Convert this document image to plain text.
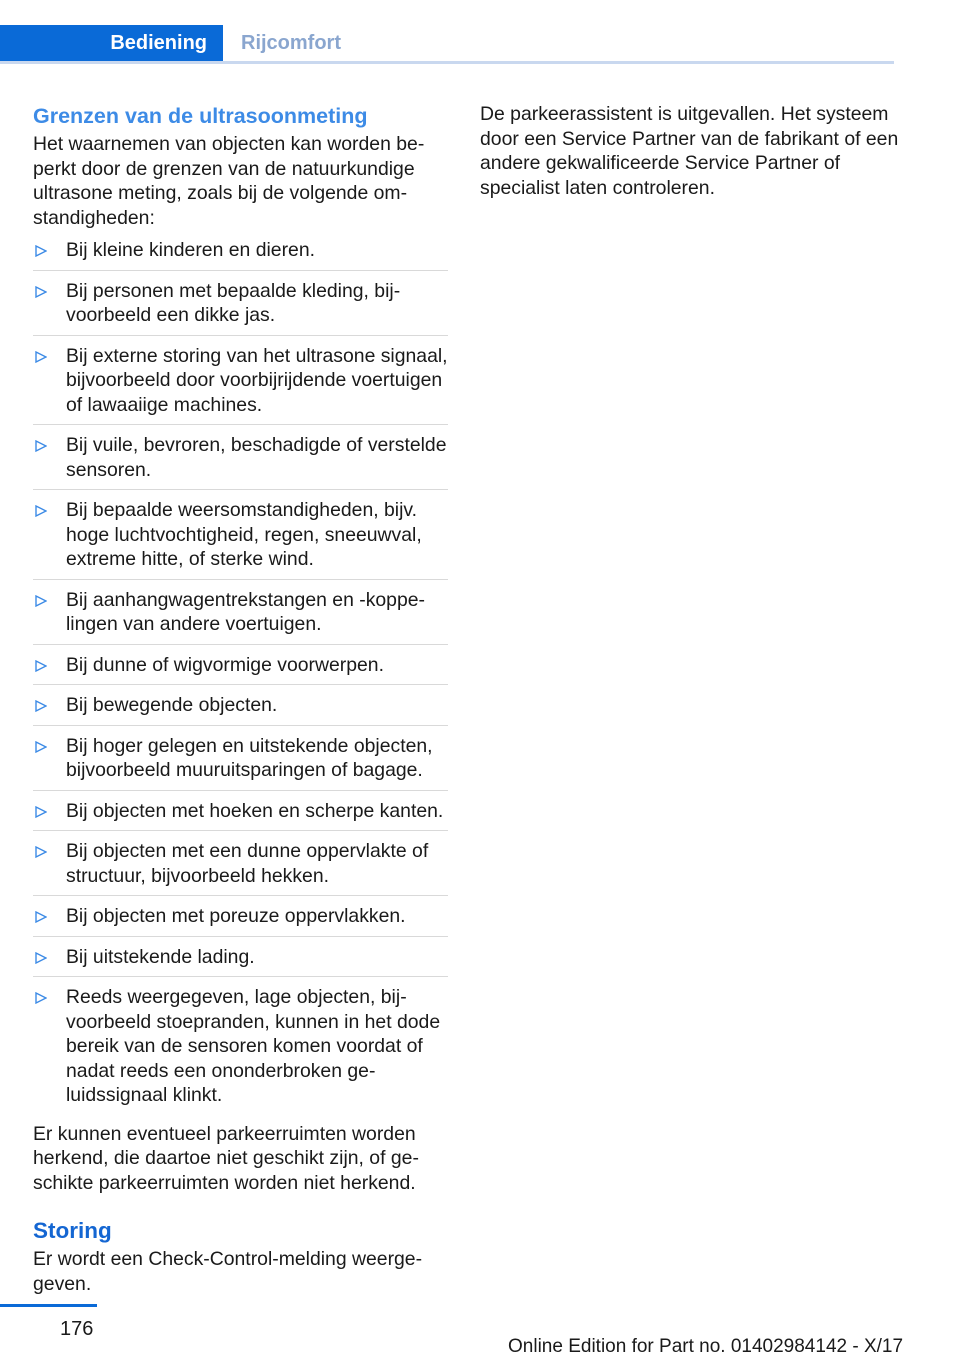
Bediening	Rijcomfort
Grenzen van de ultrasoonmeting

Het waarnemen van objecten kan worden beperkt door de grenzen van de natuurkundige ultrasone meting, zoals bij de volgende omstandigheden:

Bij kleine kinderen en dieren.
Bij personen met bepaalde kleding, bijvoorbeeld een dikke jas.
Bij externe storing van het ultrasone signaal, bijvoorbeeld door voorbijrijdende voertuigen of lawaaiige machines.
Bij vuile, bevroren, beschadigde of verstelde sensoren.
Bij bepaalde weersomstandigheden, bijv. hoge luchtvochtigheid, regen, sneeuwval, extreme hitte, of sterke wind.
Bij aanhangwagentrekstangen en -koppelingen van andere voertuigen.
Bij dunne of wigvormige voorwerpen.
Bij bewegende objecten.
Bij hoger gelegen en uitstekende objecten, bijvoorbeeld muuruitsparingen of bagage.
Bij objecten met hoeken en scherpe kanten.
Bij objecten met een dunne oppervlakte of structuur, bijvoorbeeld hekken.
Bij objecten met poreuze oppervlakken.
Bij uitstekende lading.
Reeds weergegeven, lage objecten, bijvoorbeeld stoepranden, kunnen in het dode bereik van de sensoren komen voordat of nadat reeds een ononderbroken geluidssignaal klinkt.

Er kunnen eventueel parkeerruimten worden herkend, die daartoe niet geschikt zijn, of geschikte parkeerruimten worden niet herkend.

Storing

Er wordt een Check-Control-melding weergegeven.

De parkeerassistent is uitgevallen. Het systeem door een Service Partner van de fabrikant of een andere gekwalificeerde Service Partner of specialist laten controleren.

176
Online Edition for Part no. 01402984142 - X/17
